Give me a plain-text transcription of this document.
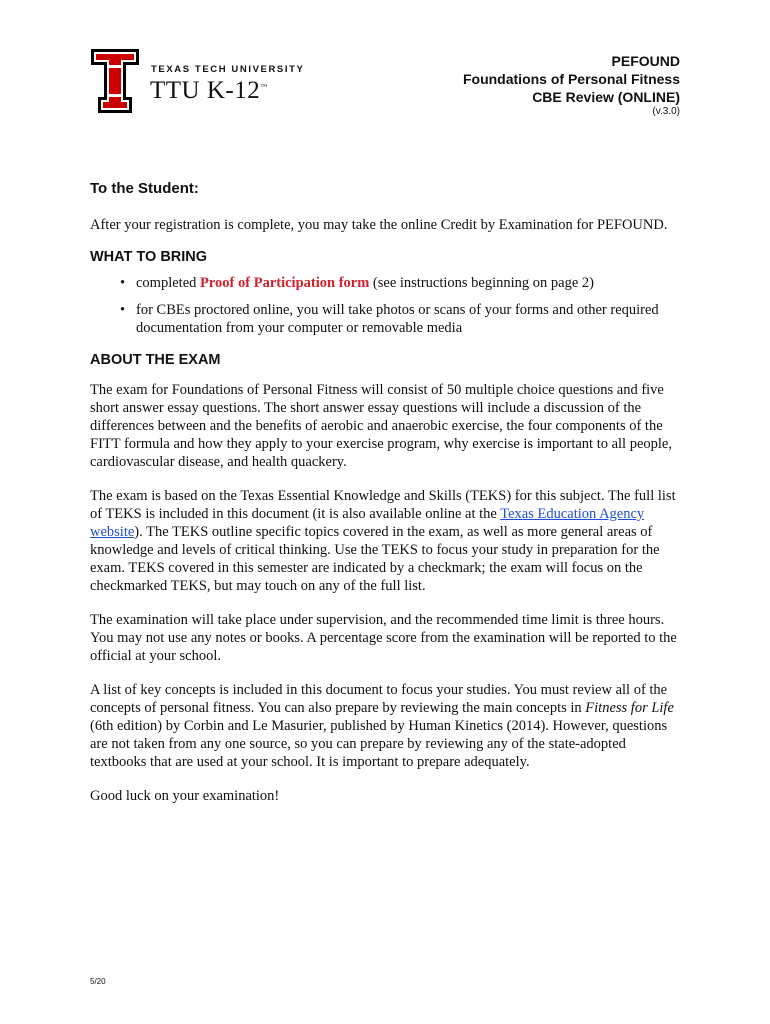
TEXAS TECH UNIVERSITY
TTU K-12™
PEFOUND
Foundations of Personal Fitness
CBE Review (ONLINE)
(v.3.0)
To the Student:

After your registration is complete, you may take the online Credit by Examination for PEFOUND.

WHAT TO BRING
• completed Proof of Participation form (see instructions beginning on page 2)
• for CBEs proctored online, you will take photos or scans of your forms and other required documentation from your computer or removable media
ABOUT THE EXAM

The exam for Foundations of Personal Fitness will consist of 50 multiple choice questions and five short answer essay questions. The short answer essay questions will include a discussion of the differences between and the benefits of aerobic and anaerobic exercise, the four components of the FITT formula and how they apply to your exercise program, why exercise is important to all people, cardiovascular disease, and health quackery.

The exam is based on the Texas Essential Knowledge and Skills (TEKS) for this subject. The full list of TEKS is included in this document (it is also available online at the Texas Education Agency website). The TEKS outline specific topics covered in the exam, as well as more general areas of knowledge and levels of critical thinking. Use the TEKS to focus your study in preparation for the exam. TEKS covered in this semester are indicated by a checkmark; the exam will focus on the checkmarked TEKS, but may touch on any of the full list.

The examination will take place under supervision, and the recommended time limit is three hours. You may not use any notes or books. A percentage score from the examination will be reported to the official at your school.

A list of key concepts is included in this document to focus your studies. You must review all of the concepts of personal fitness. You can also prepare by reviewing the main concepts in Fitness for Life (6th edition) by Corbin and Le Masurier, published by Human Kinetics (2014). However, questions are not taken from any one source, so you can prepare by reviewing any of the state-adopted textbooks that are used at your school. It is important to prepare adequately.

Good luck on your examination!

5/20
